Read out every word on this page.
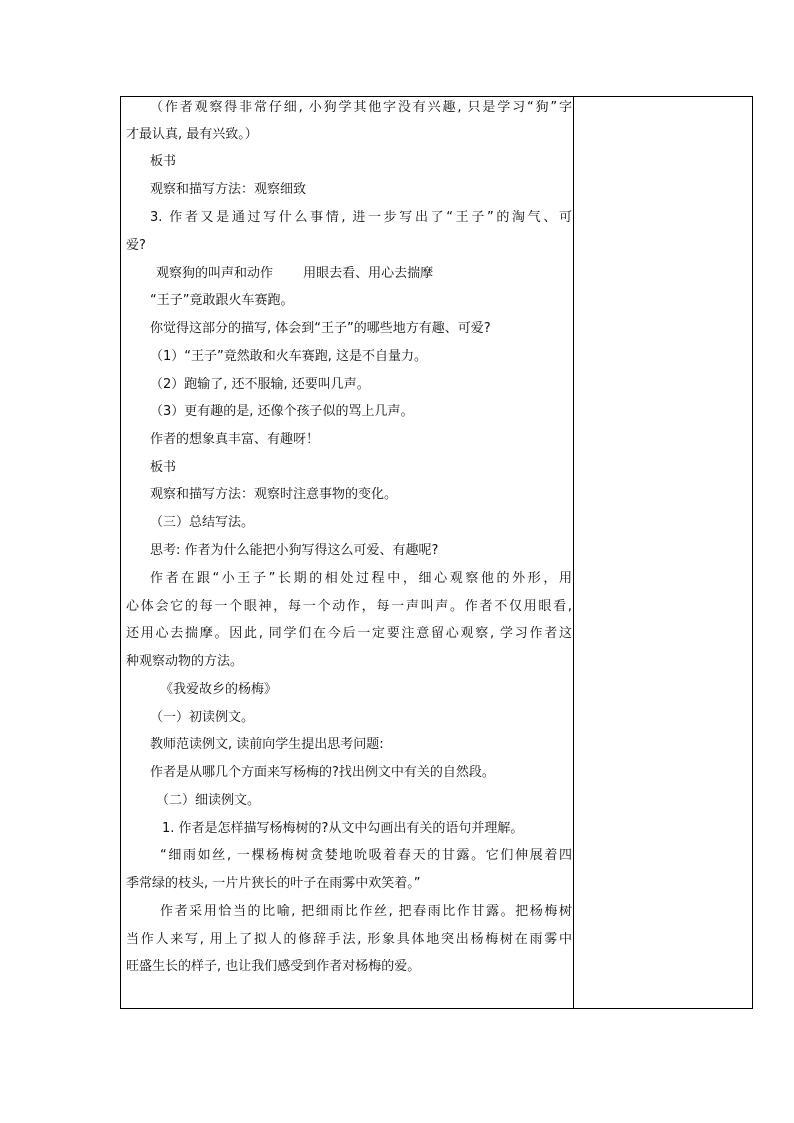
（作者观察得非常仔细, 小狗学其他字没有兴趣, 只是学习“狗”字
才最认真, 最有兴致。）
板书
观察和描写方法：观察细致
3. 作者又是通过写什么事情, 进一步写出了“王子”的淘气、可
爱?
观察狗的叫声和动作　　 用眼去看、用心去揣摩
“王子”竟敢跟火车赛跑。
你觉得这部分的描写, 体会到“王子”的哪些地方有趣、可爱?
（1）“王子”竟然敢和火车赛跑, 这是不自量力。
（2）跑输了, 还不服输, 还要叫几声。
（3）更有趣的是, 还像个孩子似的骂上几声。
作者的想象真丰富、有趣呀！
板书
观察和描写方法：观察时注意事物的变化。
（三）总结写法。
思考: 作者为什么能把小狗写得这么可爱、有趣呢?
作者在跟“小王子”长期的相处过程中，细心观察他的外形，用
心体会它的每一个眼神，每一个动作，每一声叫声。作者不仅用眼看,
还用心去揣摩。因此, 同学们在今后一定要注意留心观察, 学习作者这
种观察动物的方法。
《我爱故乡的杨梅》
（一）初读例文。
教师范读例文, 读前向学生提出思考问题:
作者是从哪几个方面来写杨梅的?找出例文中有关的自然段。
（二）细读例文。
1. 作者是怎样描写杨梅树的?从文中勾画出有关的语句并理解。
“细雨如丝, 一棵杨梅树贪婪地吮吸着春天的甘露。它们伸展着四
季常绿的枝头, 一片片狭长的叶子在雨雾中欢笑着。”
作者采用恰当的比喻, 把细雨比作丝, 把春雨比作甘露。把杨梅树
当作人来写, 用上了拟人的修辞手法, 形象具体地突出杨梅树在雨雾中
旺盛生长的样子, 也让我们感受到作者对杨梅的爱。
